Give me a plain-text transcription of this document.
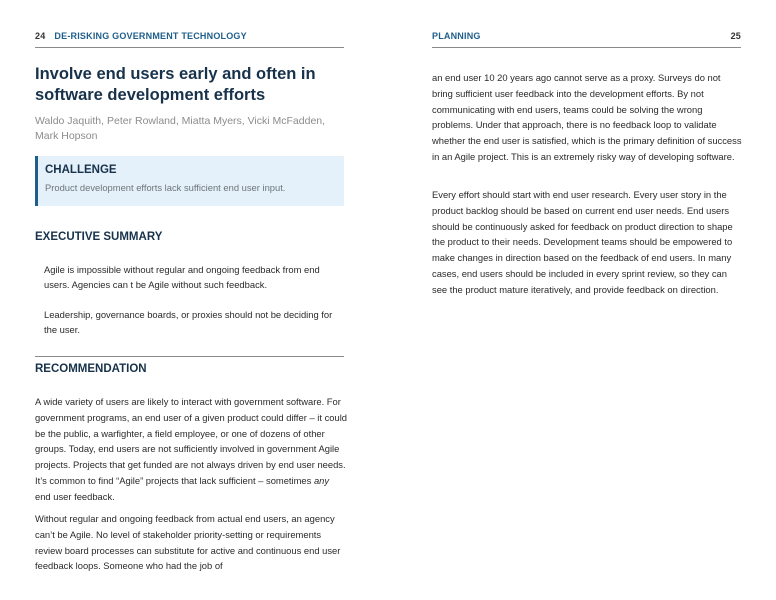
24 DE-RISKING GOVERNMENT TECHNOLOGY
Involve end users early and often in software development efforts

Waldo Jaquith, Peter Rowland, Miatta Myers, Vicki McFadden, Mark Hopson

CHALLENGE

Product development efforts lack sufficient end user input.

EXECUTIVE SUMMARY
Agile is impossible without regular and ongoing feedback from end users. Agencies can t be Agile without such feedback.
Leadership, governance boards, or proxies should not be deciding for the user.
RECOMMENDATION

A wide variety of users are likely to interact with government software. For government programs, an end user of a given product could differ – it could be the public, a warfighter, a field employee, or one of dozens of other groups. Today, end users are not sufficiently involved in government Agile projects. Projects that get funded are not always driven by end user needs. It’s common to find “Agile” projects that lack sufficient – sometimes any end user feedback.

Without regular and ongoing feedback from actual end users, an agency can’t be Agile. No level of stakeholder priority-setting or requirements review board processes can substitute for active and continuous end user feedback loops. Someone who had the job of

PLANNING	25

an end user 10 20 years ago cannot serve as a proxy. Surveys do not bring sufficient user feedback into the development efforts. By not communicating with end users, teams could be solving the wrong problems. Under that approach, there is no feedback loop to validate whether the end user is satisfied, which is the primary definition of success in an Agile project. This is an extremely risky way of developing software.

Every effort should start with end user research. Every user story in the product backlog should be based on current end user needs. End users should be continuously asked for feedback on product direction to shape the product to their needs. Development teams should be empowered to make changes in direction based on the feedback of end users. In many cases, end users should be included in every sprint review, so they can see the product mature iteratively, and provide feedback on direction.
